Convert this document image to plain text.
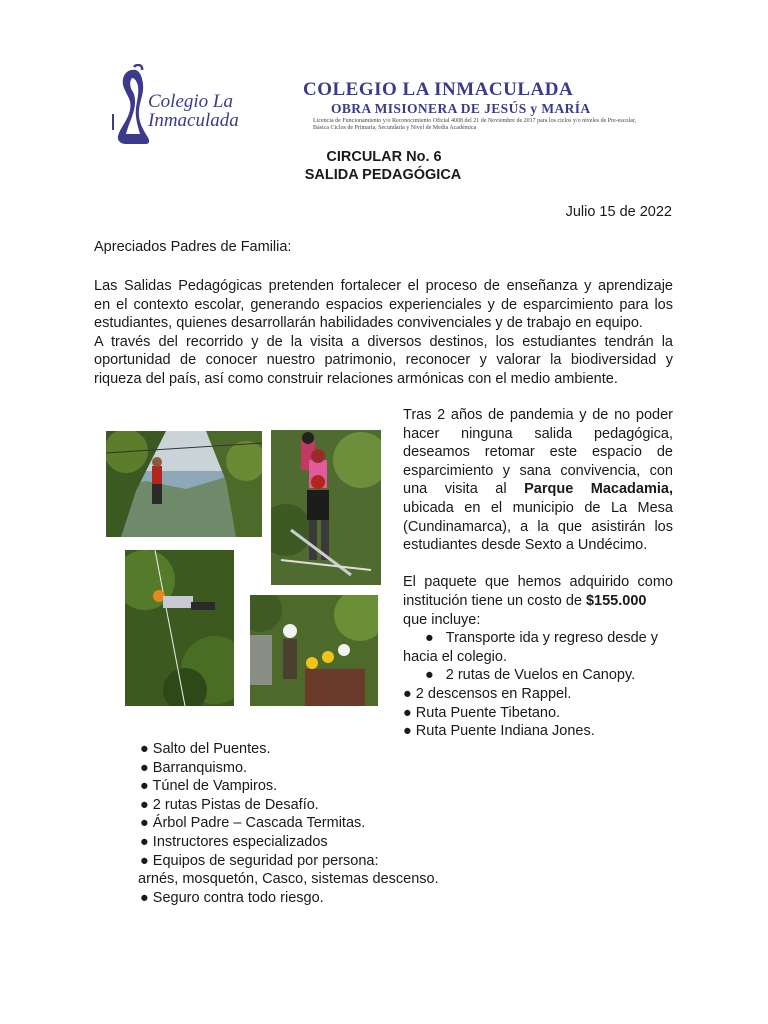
Colegio La
Inmaculada
COLEGIO LA INMACULADA
OBRA MISIONERA DE JESÚS y MARÍA
Licencia de Funcionamiento y/o Reconocimiento Oficial 4008 del 21 de Noviembre de 2017 para los ciclos y/o niveles de Pre-escolar, Básica Ciclos de Primaria, Secundaria y Nivel de Media Académica
CIRCULAR No. 6
SALIDA PEDAGÓGICA
Julio 15 de 2022
Apreciados Padres de Familia:
Las Salidas Pedagógicas pretenden fortalecer el proceso de enseñanza y aprendizaje
en el contexto escolar, generando espacios experienciales y de esparcimiento para los
estudiantes, quienes desarrollarán habilidades convivenciales y de trabajo en equipo.
A través del recorrido y de la visita a diversos destinos, los estudiantes tendrán la
oportunidad de conocer nuestro patrimonio, reconocer y valorar la biodiversidad y
riqueza del país, así como construir relaciones armónicas con el medio ambiente.
Tras 2 años de pandemia y de no poder
hacer ninguna salida pedagógica,
deseamos retomar este espacio de
esparcimiento y sana convivencia, con
una visita al Parque Macadamia,
ubicada en el municipio de La Mesa
(Cundinamarca), a la que asistirán los
estudiantes desde Sexto a Undécimo.

El paquete que hemos adquirido como
institución tiene un costo de $155.000
que incluye:
● Transporte ida y regreso desde y
hacia el colegio.
● 2 rutas de Vuelos en Canopy.
● 2 descensos en Rappel.
● Ruta Puente Tibetano.
● Ruta Puente Indiana Jones.
● Salto del Puentes.
● Barranquismo.
● Túnel de Vampiros.
● 2 rutas Pistas de Desafío.
● Árbol Padre – Cascada Termitas.
● Instructores especializados
● Equipos de seguridad por persona:
arnés, mosquetón, Casco, sistemas descenso.
● Seguro contra todo riesgo.
